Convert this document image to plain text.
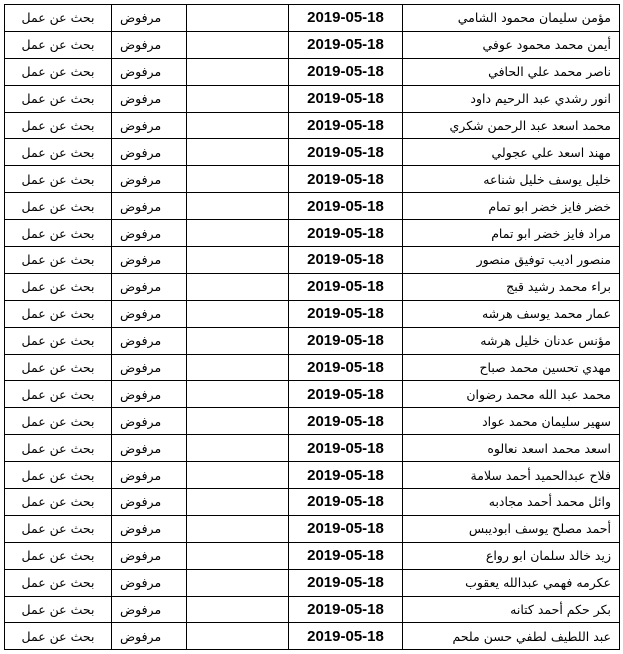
بحث عن عمل	مرفوض		2019-05-18	مؤمن سليمان محمود الشامي
بحث عن عمل	مرفوض		2019-05-18	أيمن محمد محمود عوفي
بحث عن عمل	مرفوض		2019-05-18	ناصر محمد علي الحافي
بحث عن عمل	مرفوض		2019-05-18	انور رشدي عبد الرحيم داود
بحث عن عمل	مرفوض		2019-05-18	محمد اسعد عبد الرحمن شكري
بحث عن عمل	مرفوض		2019-05-18	مهند اسعد علي عجولي
بحث عن عمل	مرفوض		2019-05-18	خليل يوسف خليل شناعه
بحث عن عمل	مرفوض		2019-05-18	خضر فايز خضر ابو تمام
بحث عن عمل	مرفوض		2019-05-18	مراد فايز خضر ابو تمام
بحث عن عمل	مرفوض		2019-05-18	منصور اديب توفيق منصور
بحث عن عمل	مرفوض		2019-05-18	براء محمد رشيد قبج
بحث عن عمل	مرفوض		2019-05-18	عمار محمد يوسف هرشه
بحث عن عمل	مرفوض		2019-05-18	مؤنس عدنان خليل هرشه
بحث عن عمل	مرفوض		2019-05-18	مهدي تحسين محمد صباح
بحث عن عمل	مرفوض		2019-05-18	محمد عبد الله محمد رضوان
بحث عن عمل	مرفوض		2019-05-18	سهير سليمان محمد عواد
بحث عن عمل	مرفوض		2019-05-18	اسعد محمد اسعد نعالوه
بحث عن عمل	مرفوض		2019-05-18	فلاح عبدالحميد أحمد سلامة
بحث عن عمل	مرفوض		2019-05-18	وائل محمد أحمد مجادبه
بحث عن عمل	مرفوض		2019-05-18	أحمد مصلح يوسف ابوديبس
بحث عن عمل	مرفوض		2019-05-18	زيد خالد سلمان ابو رواع
بحث عن عمل	مرفوض		2019-05-18	عكرمه فهمي عبدالله يعقوب
بحث عن عمل	مرفوض		2019-05-18	بكر حكم أحمد كتانه
بحث عن عمل	مرفوض		2019-05-18	عبد اللطيف لطفي حسن ملحم
